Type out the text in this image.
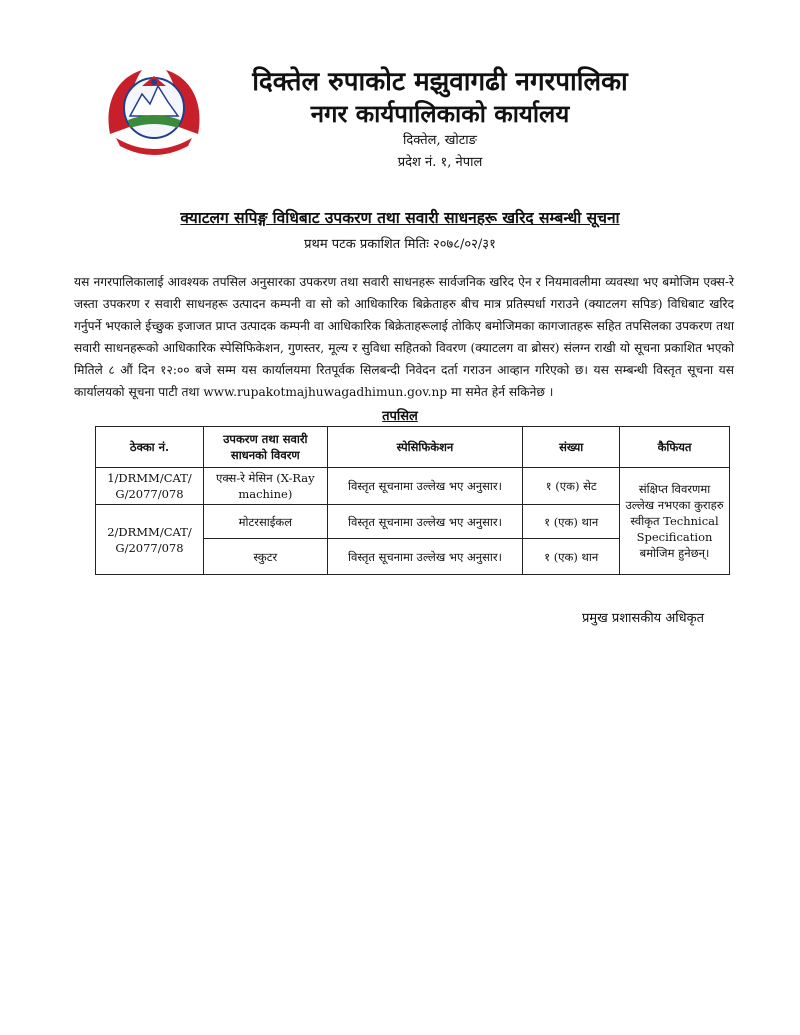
दिक्तेल रुपाकोट मझुवागढी नगरपालिका
नगर कार्यपालिकाको कार्यालय
दिक्तेल, खोटाङ
प्रदेश नं. १, नेपाल
क्याटलग सपिङ्ग विधिबाट उपकरण तथा सवारी साधनहरू खरिद सम्बन्धी सूचना
प्रथम पटक प्रकाशित मितिः २०७८/०२/३१
यस नगरपालिकालाई आवश्यक तपसिल अनुसारका उपकरण तथा सवारी साधनहरू सार्वजनिक खरिद ऐन र नियमावलीमा व्यवस्था भए बमोजिम एक्स-रे जस्ता उपकरण र सवारी साधनहरू उत्पादन कम्पनी वा सो को आधिकारिक बिक्रेताहरु बीच मात्र प्रतिस्पर्धा गराउने (क्याटलग सपिङ) विधिबाट खरिद गर्नुपर्ने भएकाले ईच्छुक इजाजत प्राप्त उत्पादक कम्पनी वा आधिकारिक बिक्रेताहरूलाई तोकिए बमोजिमका कागजातहरू सहित तपसिलका उपकरण तथा सवारी साधनहरूको आधिकारिक स्पेसिफिकेशन, गुणस्तर, मूल्य र सुविधा सहितको विवरण (क्याटलग वा ब्रोसर) संलग्न राखी यो सूचना प्रकाशित भएको मितिले ८ औं दिन १२:०० बजे सम्म यस कार्यालयमा रितपूर्वक सिलबन्दी निवेदन दर्ता गराउन आव्हान गरिएको छ। यस सम्बन्धी विस्तृत सूचना यस कार्यालयको सूचना पाटी तथा www.rupakotmajhuwagadhimun.gov.np मा समेत हेर्न सकिनेछ ।
तपसिल
ठेक्का नं.	उपकरण तथा सवारी साधनको विवरण	स्पेसिफिकेशन	संख्या	कैफियत
1/DRMM/CAT/ G/2077/078	एक्स-रे मेसिन (X-Ray machine)	विस्तृत सूचनामा उल्लेख भए अनुसार।	१ (एक) सेट	संक्षिप्त विवरणमा उल्लेख नभएका कुराहरु स्वीकृत Technical Specification बमोजिम हुनेछन्।
2/DRMM/CAT/ G/2077/078	मोटरसाईकल	विस्तृत सूचनामा उल्लेख भए अनुसार।	१ (एक) थान	
	स्कुटर	विस्तृत सूचनामा उल्लेख भए अनुसार।	१ (एक) थान	
प्रमुख प्रशासकीय अधिकृत
